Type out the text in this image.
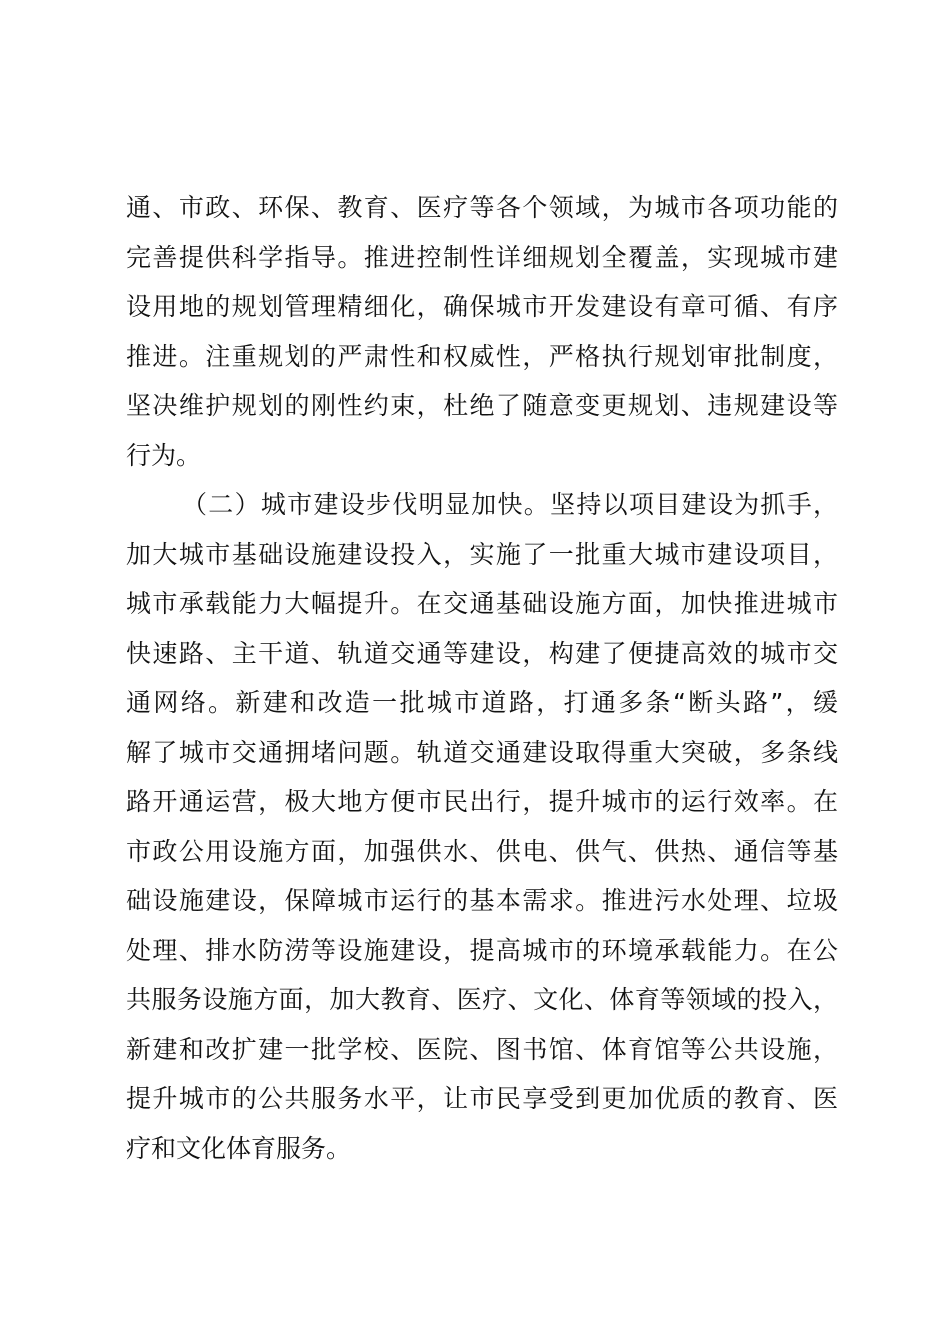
通、市政、环保、教育、医疗等各个领域，为城市各项功能的
完善提供科学指导。推进控制性详细规划全覆盖，实现城市建
设用地的规划管理精细化，确保城市开发建设有章可循、有序
推进。注重规划的严肃性和权威性，严格执行规划审批制度，
坚决维护规划的刚性约束，杜绝了随意变更规划、违规建设等
行为。
（二）城市建设步伐明显加快。坚持以项目建设为抓手，
加大城市基础设施建设投入，实施了一批重大城市建设项目，
城市承载能力大幅提升。在交通基础设施方面，加快推进城市
快速路、主干道、轨道交通等建设，构建了便捷高效的城市交
通网络。新建和改造一批城市道路，打通多条“断头路”，缓
解了城市交通拥堵问题。轨道交通建设取得重大突破，多条线
路开通运营，极大地方便市民出行，提升城市的运行效率。在
市政公用设施方面，加强供水、供电、供气、供热、通信等基
础设施建设，保障城市运行的基本需求。推进污水处理、垃圾
处理、排水防涝等设施建设，提高城市的环境承载能力。在公
共服务设施方面，加大教育、医疗、文化、体育等领域的投入，
新建和改扩建一批学校、医院、图书馆、体育馆等公共设施，
提升城市的公共服务水平，让市民享受到更加优质的教育、医
疗和文化体育服务。
